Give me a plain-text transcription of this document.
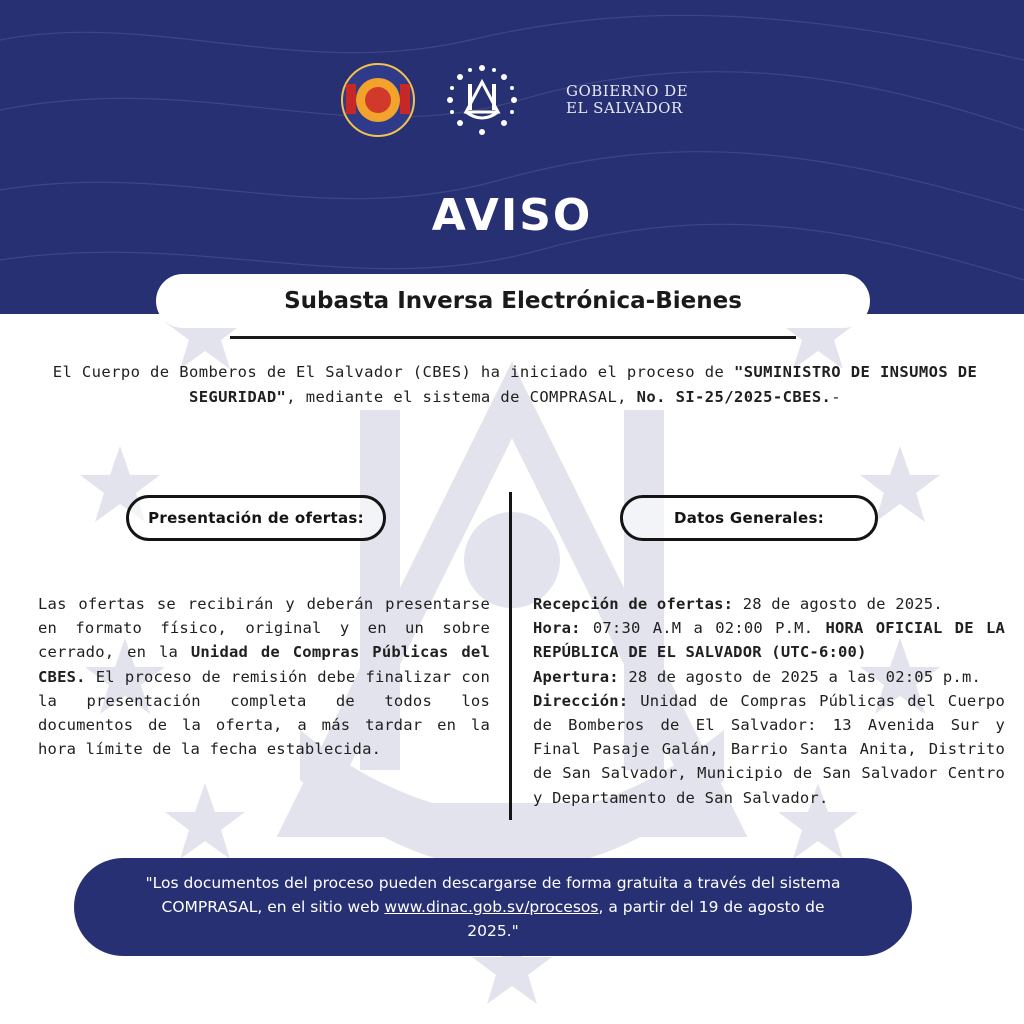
GOBIERNO DE
EL SALVADOR
AVISO
Subasta Inversa Electrónica-Bienes

El Cuerpo de Bomberos de El Salvador (CBES) ha iniciado el proceso de "SUMINISTRO DE INSUMOS DE SEGURIDAD", mediante el sistema de COMPRASAL, No. SI-25/2025-CBES.-

Presentación de ofertas:	Datos Generales:

Las ofertas se recibirán y deberán presentarse en formato físico, original y en un sobre cerrado, en la Unidad de Compras Públicas del CBES. El proceso de remisión debe finalizar con la presentación completa de todos los documentos de la oferta, a más tardar en la hora límite de la fecha establecida.

Recepción de ofertas: 28 de agosto de 2025.

Hora: 07:30 A.M a 02:00 P.M. HORA OFICIAL DE LA REPÚBLICA DE EL SALVADOR (UTC-6:00)

Apertura: 28 de agosto de 2025 a las 02:05 p.m.

Dirección: Unidad de Compras Públicas del Cuerpo de Bomberos de El Salvador: 13 Avenida Sur y Final Pasaje Galán, Barrio Santa Anita, Distrito de San Salvador, Municipio de San Salvador Centro y Departamento de San Salvador.

"Los documentos del proceso pueden descargarse de forma gratuita a través del sistema COMPRASAL, en el sitio web www.dinac.gob.sv/procesos, a partir del 19 de agosto de 2025."
